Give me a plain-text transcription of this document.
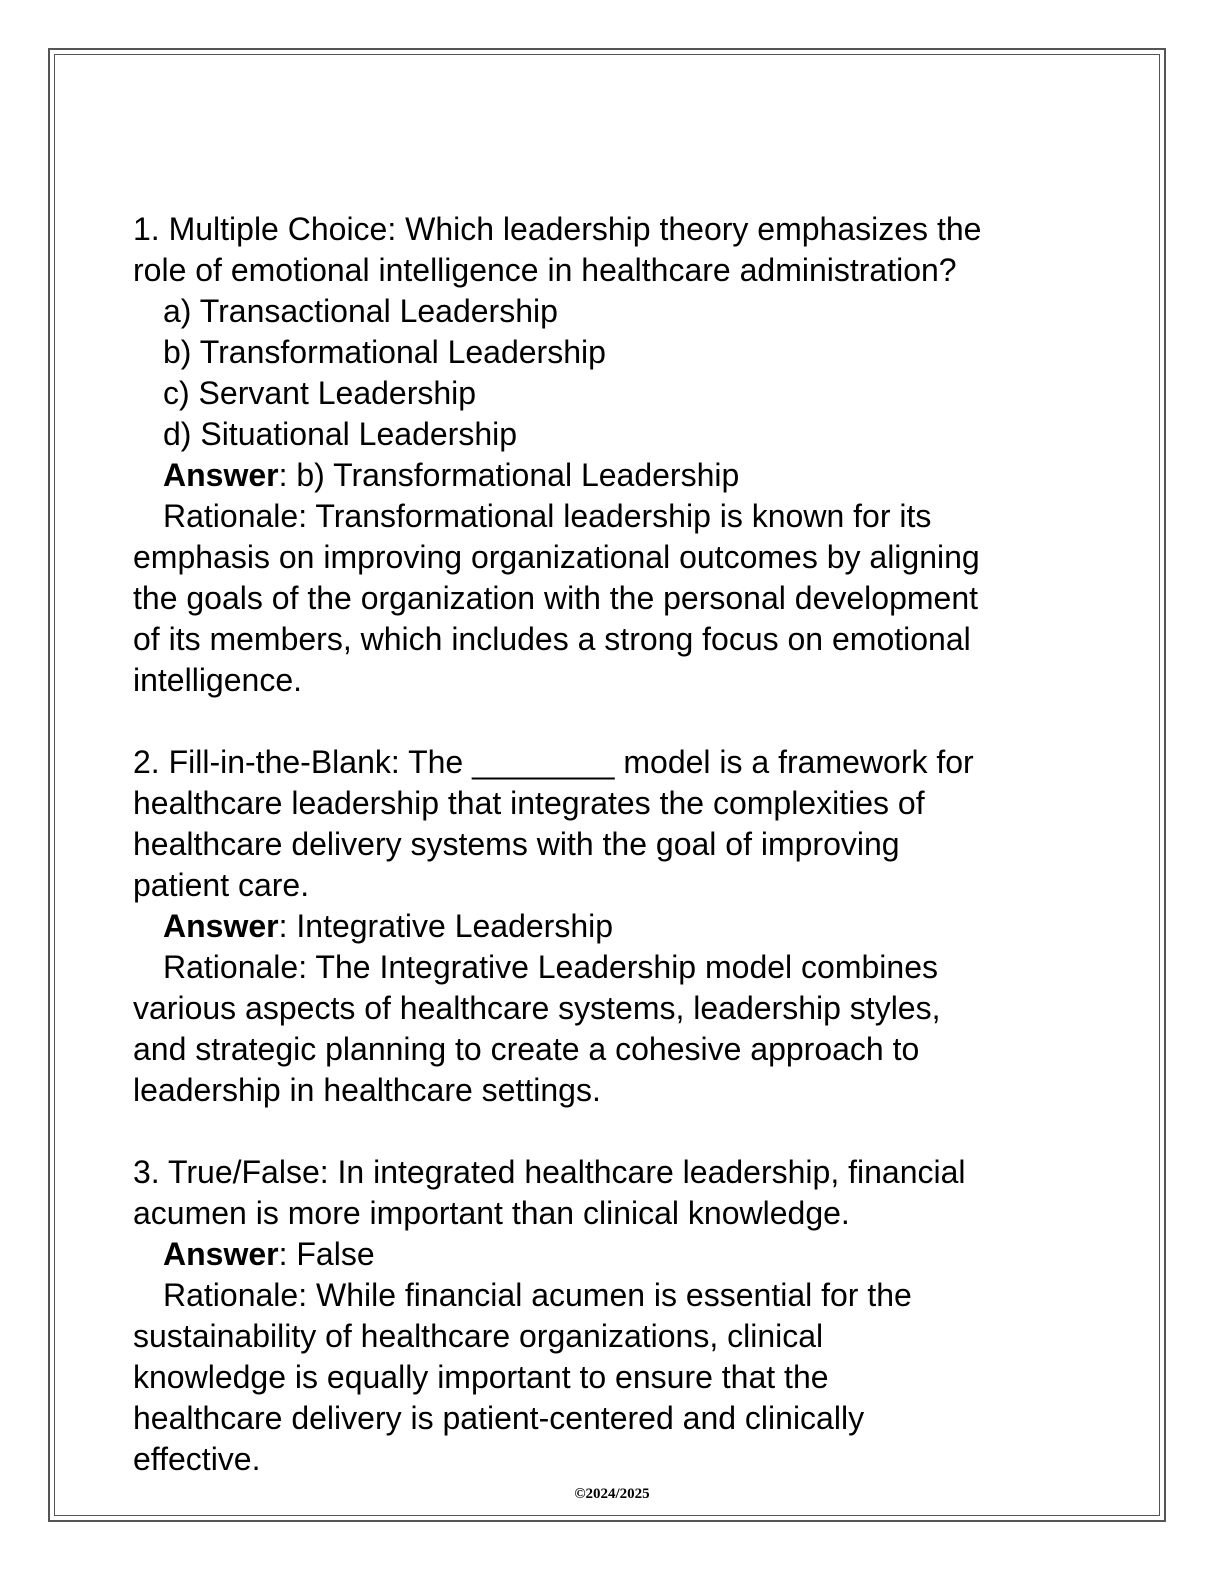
1. Multiple Choice: Which leadership theory emphasizes the
role of emotional intelligence in healthcare administration?
a) Transactional Leadership
b) Transformational Leadership
c) Servant Leadership
d) Situational Leadership
Answer: b) Transformational Leadership
Rationale: Transformational leadership is known for its
emphasis on improving organizational outcomes by aligning
the goals of the organization with the personal development
of its members, which includes a strong focus on emotional
intelligence.
2. Fill-in-the-Blank: The ________ model is a framework for
healthcare leadership that integrates the complexities of
healthcare delivery systems with the goal of improving
patient care.
Answer: Integrative Leadership
Rationale: The Integrative Leadership model combines
various aspects of healthcare systems, leadership styles,
and strategic planning to create a cohesive approach to
leadership in healthcare settings.
3. True/False: In integrated healthcare leadership, financial
acumen is more important than clinical knowledge.
Answer: False
Rationale: While financial acumen is essential for the
sustainability of healthcare organizations, clinical
knowledge is equally important to ensure that the
healthcare delivery is patient-centered and clinically
effective.
©2024/2025
